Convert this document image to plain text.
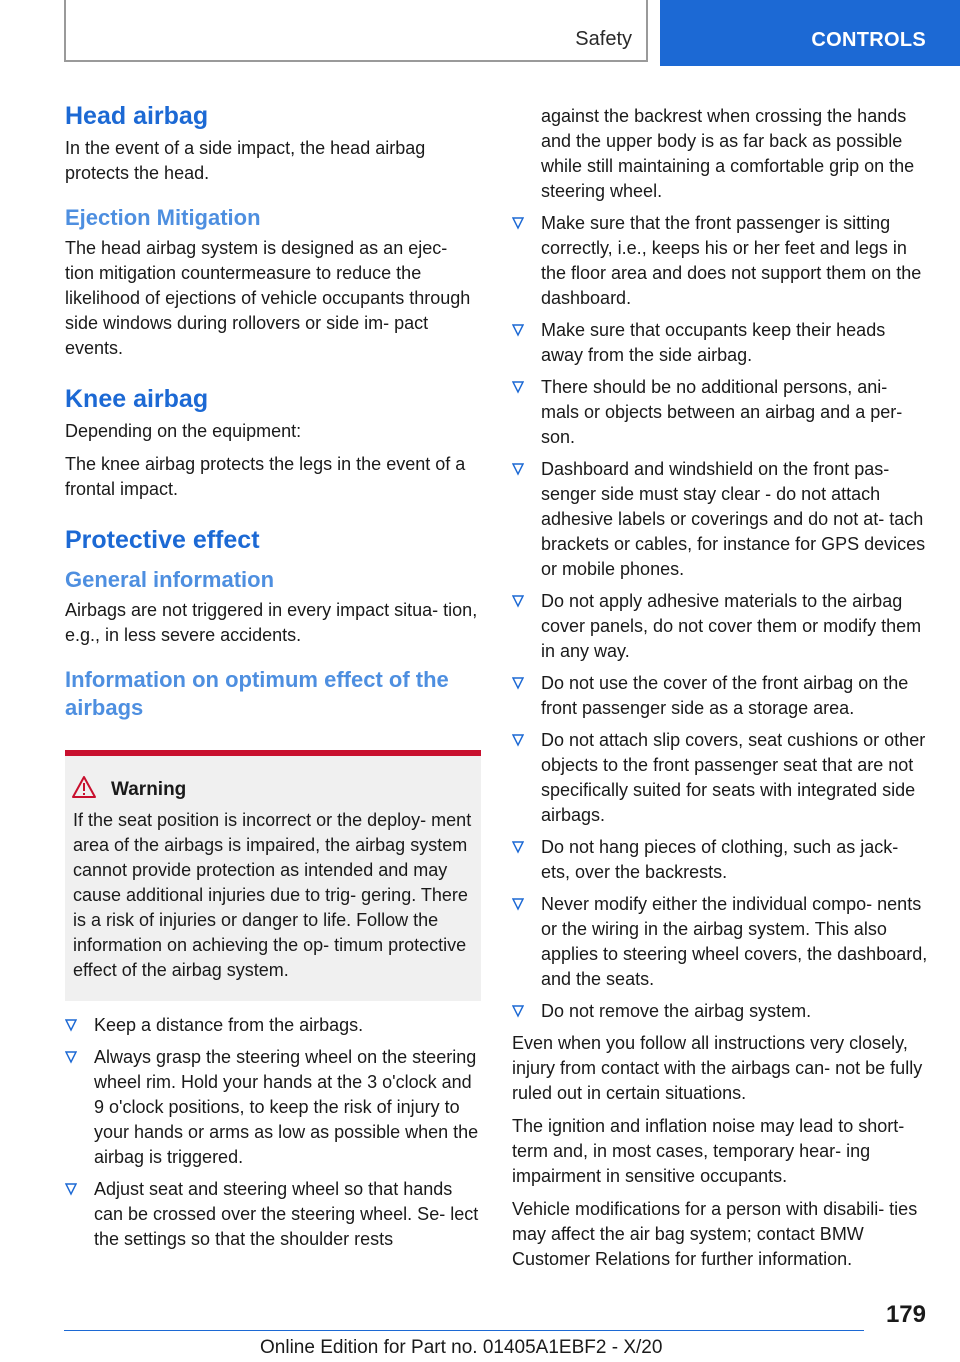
Safety	CONTROLS
Head airbag
In the event of a side impact, the head airbag protects the head.
Ejection Mitigation
The head airbag system is designed as an ejec- tion mitigation countermeasure to reduce the likelihood of ejections of vehicle occupants through side windows during rollovers or side im- pact events.
Knee airbag
Depending on the equipment:
The knee airbag protects the legs in the event of a frontal impact.
Protective effect
General information
Airbags are not triggered in every impact situa- tion, e.g., in less severe accidents.
Information on optimum effect of the airbags
Warning
If the seat position is incorrect or the deploy- ment area of the airbags is impaired, the airbag system cannot provide protection as intended and may cause additional injuries due to trig- gering. There is a risk of injuries or danger to life. Follow the information on achieving the op- timum protective effect of the airbag system.
Keep a distance from the airbags.
Always grasp the steering wheel on the steering wheel rim. Hold your hands at the 3 o'clock and 9 o'clock positions, to keep the risk of injury to your hands or arms as low as possible when the airbag is triggered.
Adjust seat and steering wheel so that hands can be crossed over the steering wheel. Se- lect the settings so that the shoulder rests
against the backrest when crossing the hands and the upper body is as far back as possible while still maintaining a comfortable grip on the steering wheel.
Make sure that the front passenger is sitting correctly, i.e., keeps his or her feet and legs in the floor area and does not support them on the dashboard.
Make sure that occupants keep their heads away from the side airbag.
There should be no additional persons, ani- mals or objects between an airbag and a per- son.
Dashboard and windshield on the front pas- senger side must stay clear - do not attach adhesive labels or coverings and do not at- tach brackets or cables, for instance for GPS devices or mobile phones.
Do not apply adhesive materials to the airbag cover panels, do not cover them or modify them in any way.
Do not use the cover of the front airbag on the front passenger side as a storage area.
Do not attach slip covers, seat cushions or other objects to the front passenger seat that are not specifically suited for seats with integrated side airbags.
Do not hang pieces of clothing, such as jack- ets, over the backrests.
Never modify either the individual compo- nents or the wiring in the airbag system. This also applies to steering wheel covers, the dashboard, and the seats.
Do not remove the airbag system.
Even when you follow all instructions very closely, injury from contact with the airbags can- not be fully ruled out in certain situations.
The ignition and inflation noise may lead to short-term and, in most cases, temporary hear- ing impairment in sensitive occupants.
Vehicle modifications for a person with disabili- ties may affect the air bag system; contact BMW Customer Relations for further information.
179
Online Edition for Part no. 01405A1EBF2 - X/20
